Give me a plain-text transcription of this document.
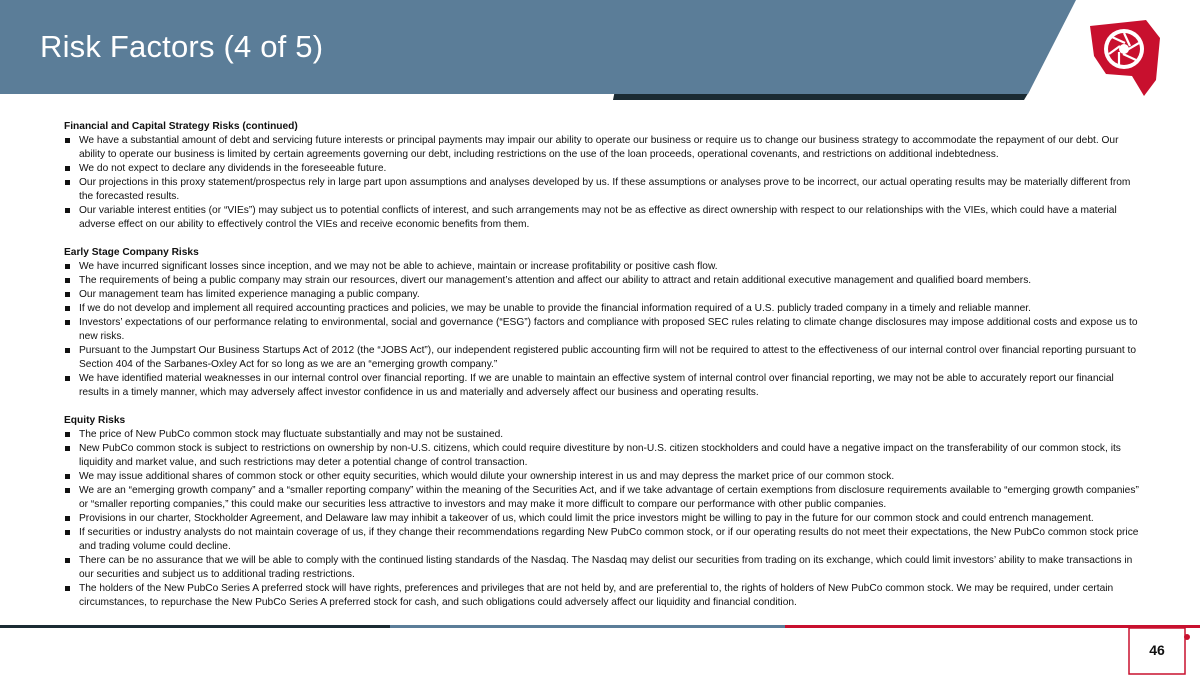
Risk Factors (4 of 5)

Financial and Capital Strategy Risks (continued)

We have a substantial amount of debt and servicing future interests or principal payments may impair our ability to operate our business or require us to change our business strategy to accommodate the repayment of our debt. Our ability to operate our business is limited by certain agreements governing our debt, including restrictions on the use of the loan proceeds, operational covenants, and restrictions on additional indebtedness.
We do not expect to declare any dividends in the foreseeable future.
Our projections in this proxy statement/prospectus rely in large part upon assumptions and analyses developed by us. If these assumptions or analyses prove to be incorrect, our actual operating results may be materially different from the forecasted results.
Our variable interest entities (or “VIEs”) may subject us to potential conflicts of interest, and such arrangements may not be as effective as direct ownership with respect to our relationships with the VIEs, which could have a material adverse effect on our ability to effectively control the VIEs and receive economic benefits from them.

Early Stage Company Risks

We have incurred significant losses since inception, and we may not be able to achieve, maintain or increase profitability or positive cash flow.
The requirements of being a public company may strain our resources, divert our management’s attention and affect our ability to attract and retain additional executive management and qualified board members.
Our management team has limited experience managing a public company.
If we do not develop and implement all required accounting practices and policies, we may be unable to provide the financial information required of a U.S. publicly traded company in a timely and reliable manner.
Investors’ expectations of our performance relating to environmental, social and governance (“ESG”) factors and compliance with proposed SEC rules relating to climate change disclosures may impose additional costs and expose us to new risks.
Pursuant to the Jumpstart Our Business Startups Act of 2012 (the “JOBS Act”), our independent registered public accounting firm will not be required to attest to the effectiveness of our internal control over financial reporting pursuant to Section 404 of the Sarbanes-Oxley Act for so long as we are an “emerging growth company.”
We have identified material weaknesses in our internal control over financial reporting. If we are unable to maintain an effective system of internal control over financial reporting, we may not be able to accurately report our financial results in a timely manner, which may adversely affect investor confidence in us and materially and adversely affect our business and operating results.

Equity Risks

The price of New PubCo common stock may fluctuate substantially and may not be sustained.
New PubCo common stock is subject to restrictions on ownership by non-U.S. citizens, which could require divestiture by non-U.S. citizen stockholders and could have a negative impact on the transferability of our common stock, its liquidity and market value, and such restrictions may deter a potential change of control transaction.
We may issue additional shares of common stock or other equity securities, which would dilute your ownership interest in us and may depress the market price of our common stock.
We are an “emerging growth company” and a “smaller reporting company” within the meaning of the Securities Act, and if we take advantage of certain exemptions from disclosure requirements available to “emerging growth companies” or “smaller reporting companies,” this could make our securities less attractive to investors and may make it more difficult to compare our performance with other public companies.
Provisions in our charter, Stockholder Agreement, and Delaware law may inhibit a takeover of us, which could limit the price investors might be willing to pay in the future for our common stock and could entrench management.
If securities or industry analysts do not maintain coverage of us, if they change their recommendations regarding New PubCo common stock, or if our operating results do not meet their expectations, the New PubCo common stock price and trading volume could decline.
There can be no assurance that we will be able to comply with the continued listing standards of the Nasdaq. The Nasdaq may delist our securities from trading on its exchange, which could limit investors’ ability to make transactions in our securities and subject us to additional trading restrictions.
The holders of the New PubCo Series A preferred stock will have rights, preferences and privileges that are not held by, and are preferential to, the rights of holders of New PubCo common stock. We may be required, under certain circumstances, to repurchase the New PubCo Series A preferred stock for cash, and such obligations could adversely affect our liquidity and financial condition.
46
